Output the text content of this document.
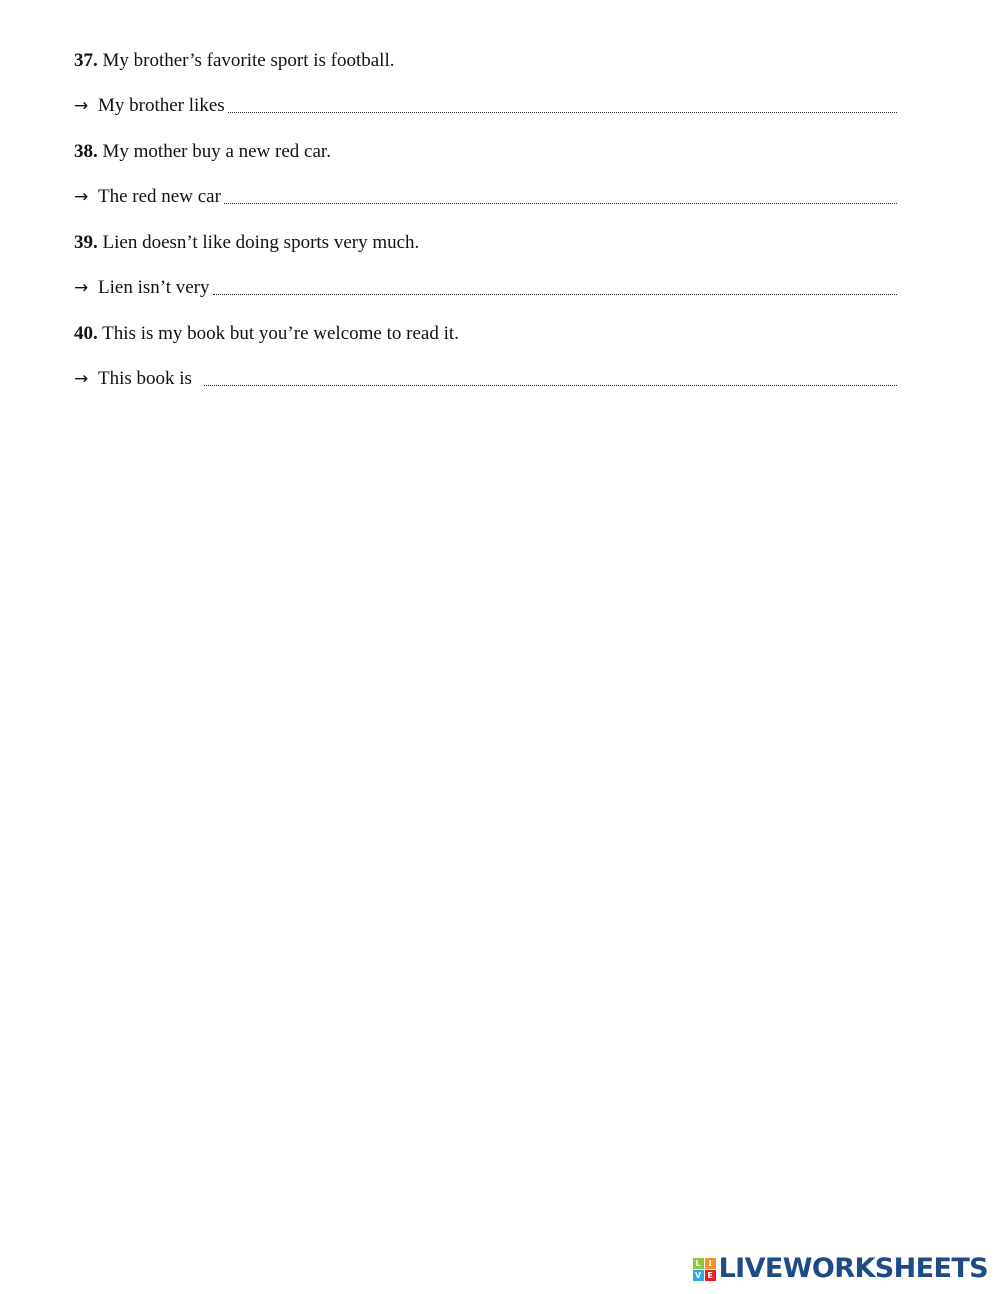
37. My brother’s favorite sport is football.

→ My brother likes

38. My mother buy a new red car.

→ The red new car

39. Lien doesn’t like doing sports very much.

→ Lien isn’t very

40. This is my book but you’re welcome to read it.

→ This book is
L I
V E LIVEWORKSHEETS
